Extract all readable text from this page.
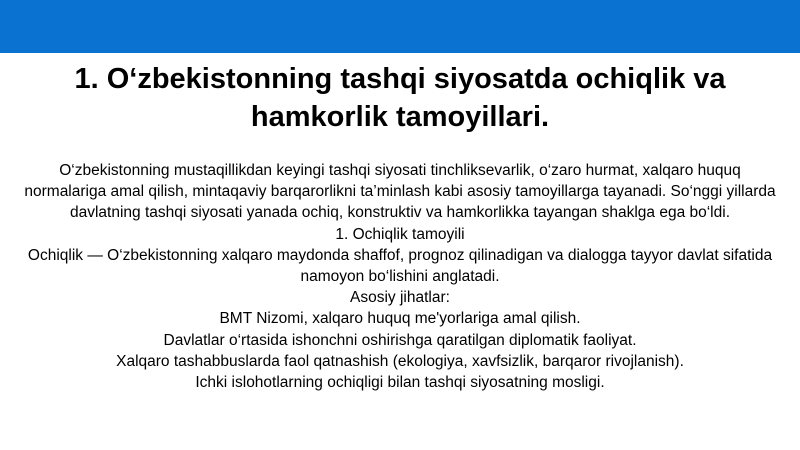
1. O‘zbekistonning tashqi siyosatda ochiqlik va hamkorlik tamoyillari.

O‘zbekistonning mustaqillikdan keyingi tashqi siyosati tinchliksevarlik, o‘zaro hurmat, xalqaro huquq normalariga amal qilish, mintaqaviy barqarorlikni ta’minlash kabi asosiy tamoyillarga tayanadi. So‘nggi yillarda davlatning tashqi siyosati yanada ochiq, konstruktiv va hamkorlikka tayangan shaklga ega bo‘ldi.

1. Ochiqlik tamoyili

Ochiqlik — O‘zbekistonning xalqaro maydonda shaffof, prognoz qilinadigan va dialogga tayyor davlat sifatida namoyon bo‘lishini anglatadi.

Asosiy jihatlar:

BMT Nizomi, xalqaro huquq me'yorlariga amal qilish.

Davlatlar o‘rtasida ishonchni oshirishga qaratilgan diplomatik faoliyat.

Xalqaro tashabbuslarda faol qatnashish (ekologiya, xavfsizlik, barqaror rivojlanish).

Ichki islohotlarning ochiqligi bilan tashqi siyosatning mosligi.
